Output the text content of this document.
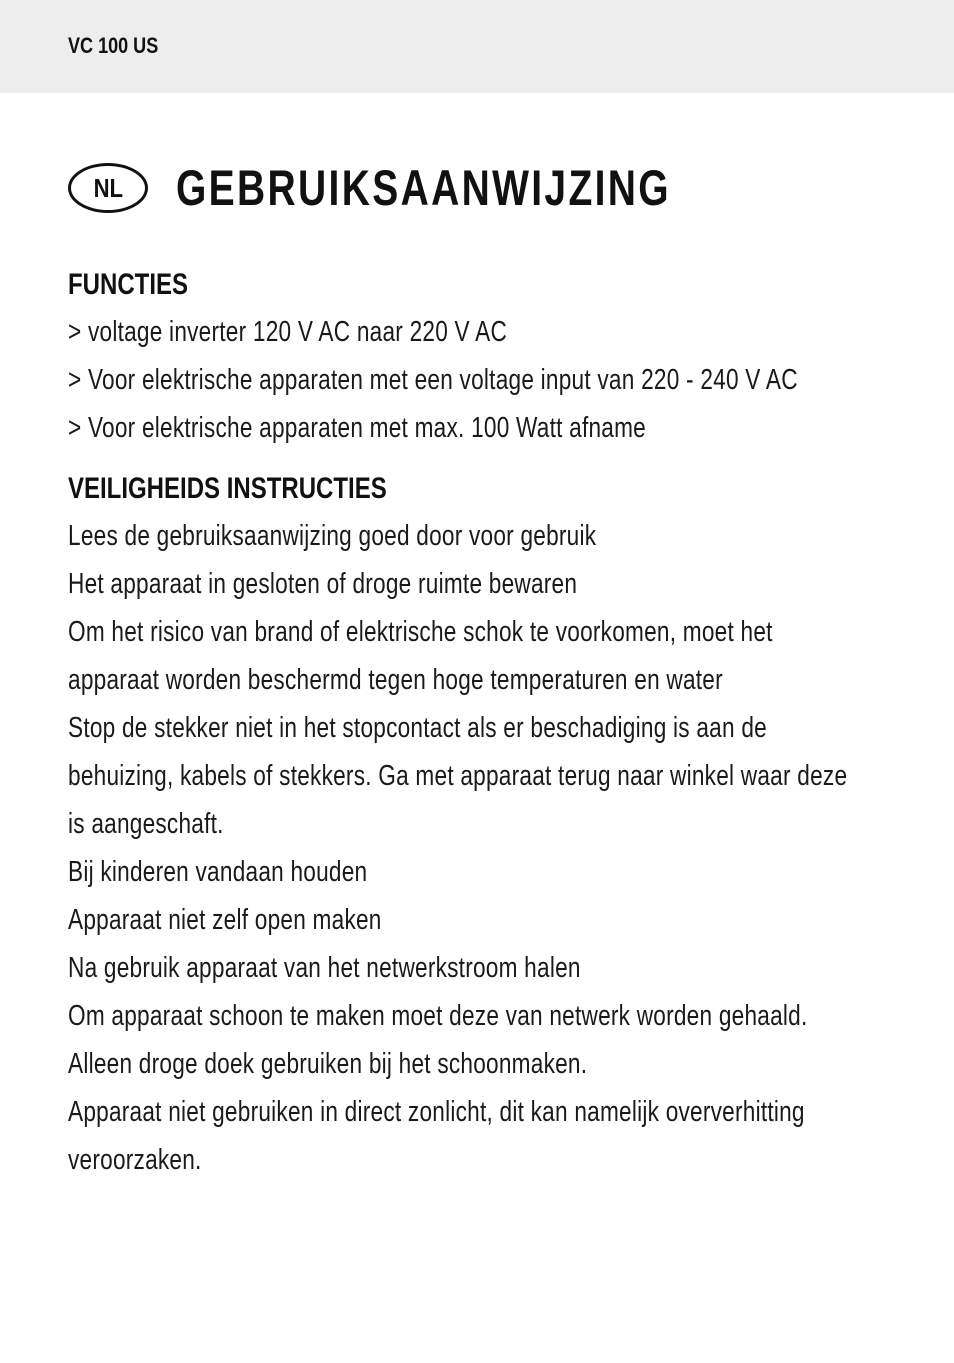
VC 100 US
NL GEBRUIKSAANWIJZING
FUNCTIES
> voltage inverter 120 V AC naar 220 V AC
> Voor elektrische apparaten met een voltage input van 220 - 240 V AC
> Voor elektrische apparaten met max. 100 Watt afname
VEILIGHEIDS INSTRUCTIES
Lees de gebruiksaanwijzing goed door voor gebruik
Het apparaat in gesloten of droge ruimte bewaren
Om het risico van brand of elektrische schok te voorkomen, moet het
apparaat worden beschermd tegen hoge temperaturen en water
Stop de stekker niet in het stopcontact als er beschadiging is aan de
behuizing, kabels of stekkers. Ga met apparaat terug naar winkel waar deze
is aangeschaft.
Bij kinderen vandaan houden
Apparaat niet zelf open maken
Na gebruik apparaat van het netwerkstroom halen
Om apparaat schoon te maken moet deze van netwerk worden gehaald.
Alleen droge doek gebruiken bij het schoonmaken.
Apparaat niet gebruiken in direct zonlicht, dit kan namelijk oververhitting
veroorzaken.
